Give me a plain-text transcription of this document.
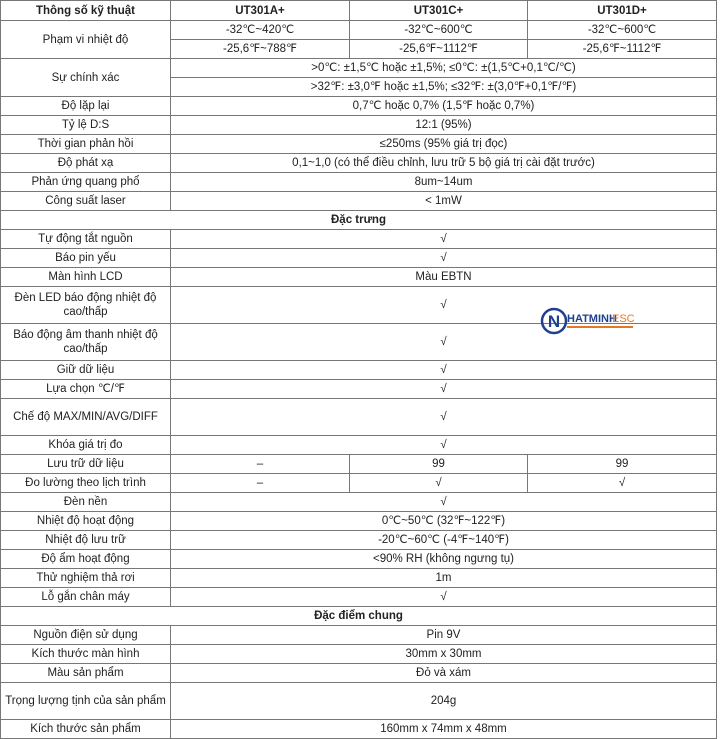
Thông số kỹ thuật	UT301A+	UT301C+	UT301D+
Phạm vi nhiệt độ	-32℃~420℃	-32℃~600℃	-32℃~600℃
	-25,6℉~788℉	-25,6℉~1112℉	-25,6℉~1112℉
Sự chính xác	>0℃: ±1,5℃ hoặc ±1,5%; ≤0℃: ±(1,5℃+0,1℃/℃)		
	>32℉: ±3,0℉ hoặc ±1,5%; ≤32℉: ±(3,0℉+0,1℉/℉)		
Độ lặp lại	0,7℃ hoặc 0,7% (1,5℉ hoặc 0,7%)		
Tỷ lệ D:S	12:1 (95%)		
Thời gian phản hồi	≤250ms (95% giá trị đọc)		
Độ phát xạ	0,1~1,0 (có thể điều chỉnh, lưu trữ 5 bộ giá trị cài đặt trước)		
Phản ứng quang phổ	8um~14um		
Công suất laser	< 1mW		
Đặc trưng			
Tự động tắt nguồn	√		
Báo pin yếu	√		
Màn hình LCD	Màu EBTN		
Đèn LED báo động nhiệt độ cao/thấp	√		
Báo động âm thanh nhiệt độ cao/thấp	√		
Giữ dữ liệu	√		
Lựa chọn ℃/℉	√		
Chế độ MAX/MIN/AVG/DIFF	√		
Khóa giá trị đo	√		
Lưu trữ dữ liệu	–	99	99
Đo lường theo lịch trình	–	√	√
Đèn nền	√		
Nhiệt độ hoạt động	0℃~50℃ (32℉~122℉)		
Nhiệt độ lưu trữ	-20℃~60℃ (-4℉~140℉)		
Độ ẩm hoạt động	<90% RH (không ngưng tụ)		
Thử nghiệm thả rơi	1m		
Lỗ gắn chân máy	√		
Đặc điểm chung			
Nguồn điện sử dụng	Pin 9V		
Kích thước màn hình	30mm x 30mm		
Màu sản phẩm	Đỏ và xám		
Trọng lượng tịnh của sản phẩm	204g		
Kích thước sản phẩm	160mm x 74mm x 48mm		
N HATMINH
ESC
